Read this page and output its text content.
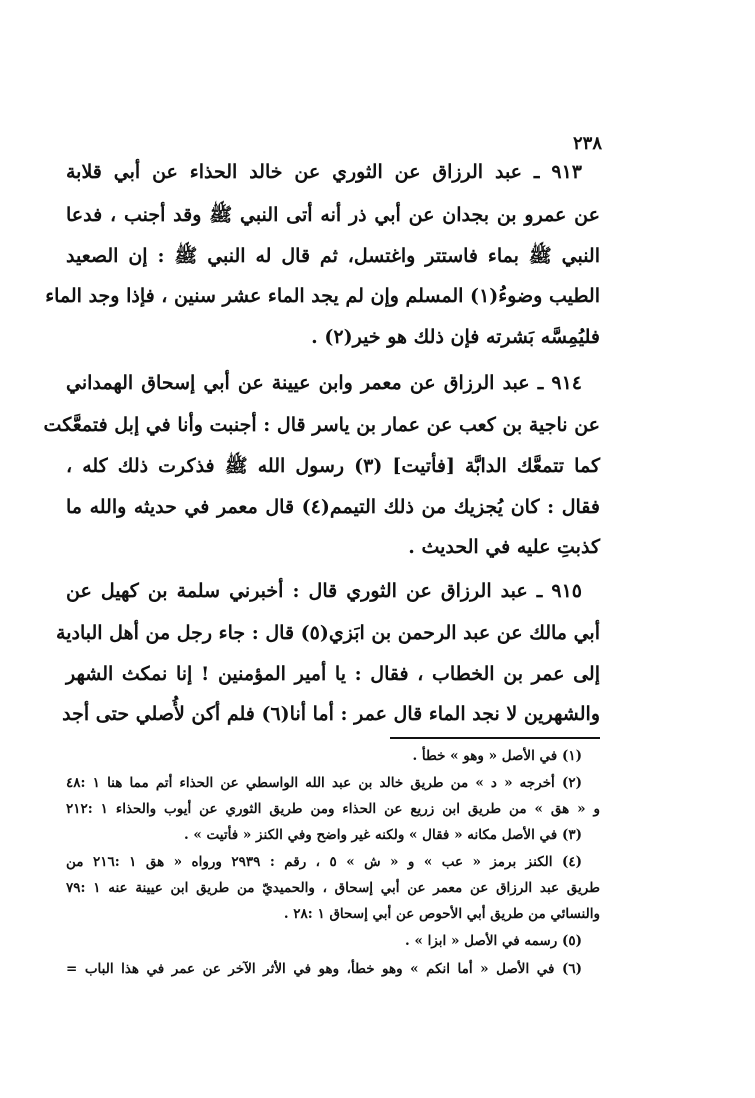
٢٣٨
٩١٣ ـ عبد الرزاق عن الثوري عن خالد الحذاء عن أبي قلابة
عن عمرو بن بجدان عن أبي ذر أنه أتى النبي ﷺ وقد أجنب ، فدعا
النبي ﷺ بماء فاستتر واغتسل، ثم قال له النبي ﷺ : إن الصعيد
الطيب وضوءُ(١) المسلم وإن لم يجد الماء عشر سنين ، فإذا وجد الماء
فليُمِسَّه بَشرته فإن ذلك هو خير(٢) .
٩١٤ ـ عبد الرزاق عن معمر وابن عيينة عن أبي إسحاق الهمداني
عن ناجية بن كعب عن عمار بن ياسر قال : أجنبت وأنا في إبل فتمعَّكت
كما تتمعَّك الدابَّة [فأتيت] (٣) رسول الله ﷺ فذكرت ذلك كله ،
فقال : كان يُجزيك من ذلك التيمم(٤) قال معمر في حديثه والله ما
كذبتِ عليه في الحديث .
٩١٥ ـ عبد الرزاق عن الثوري قال : أخبرني سلمة بن كهيل عن
أبي مالك عن عبد الرحمن بن ابَزي(٥) قال : جاء رجل من أهل البادية
إلى عمر بن الخطاب ، فقال : يا أمير المؤمنين ! إنا نمكث الشهر
والشهرين لا نجد الماء قال عمر : أما أنا(٦) فلم أكن لأُصلي حتى أجد
(١) في الأصل « وهو » خطأ .
(٢) أخرجه « د » من طريق خالد بن عبد الله الواسطي عن الحذاء أتم مما هنا ١ :٤٨
و « هق » من طريق ابن زريع عن الحذاء ومن طريق الثوري عن أيوب والحذاء ١ :٢١٢
(٣) في الأصل مكانه « فقال » ولكنه غير واضح وفي الكنز « فأتيت » .
(٤) الكنز برمز « عب » و « ش » ٥ ، رقم : ٢٩٣٩ ورواه « هق ١ :٢١٦ من
طريق عبد الرزاق عن معمر عن أبي إسحاق ، والحميديّ من طريق ابن عيينة عنه ١ :٧٩
والنسائي من طريق أبي الأحوص عن أبي إسحاق ١ :٢٨ .
(٥) رسمه في الأصل « ابزا » .
(٦) في الأصل « أما انكم » وهو خطأ، وهو في الأثر الآخر عن عمر في هذا الباب =
